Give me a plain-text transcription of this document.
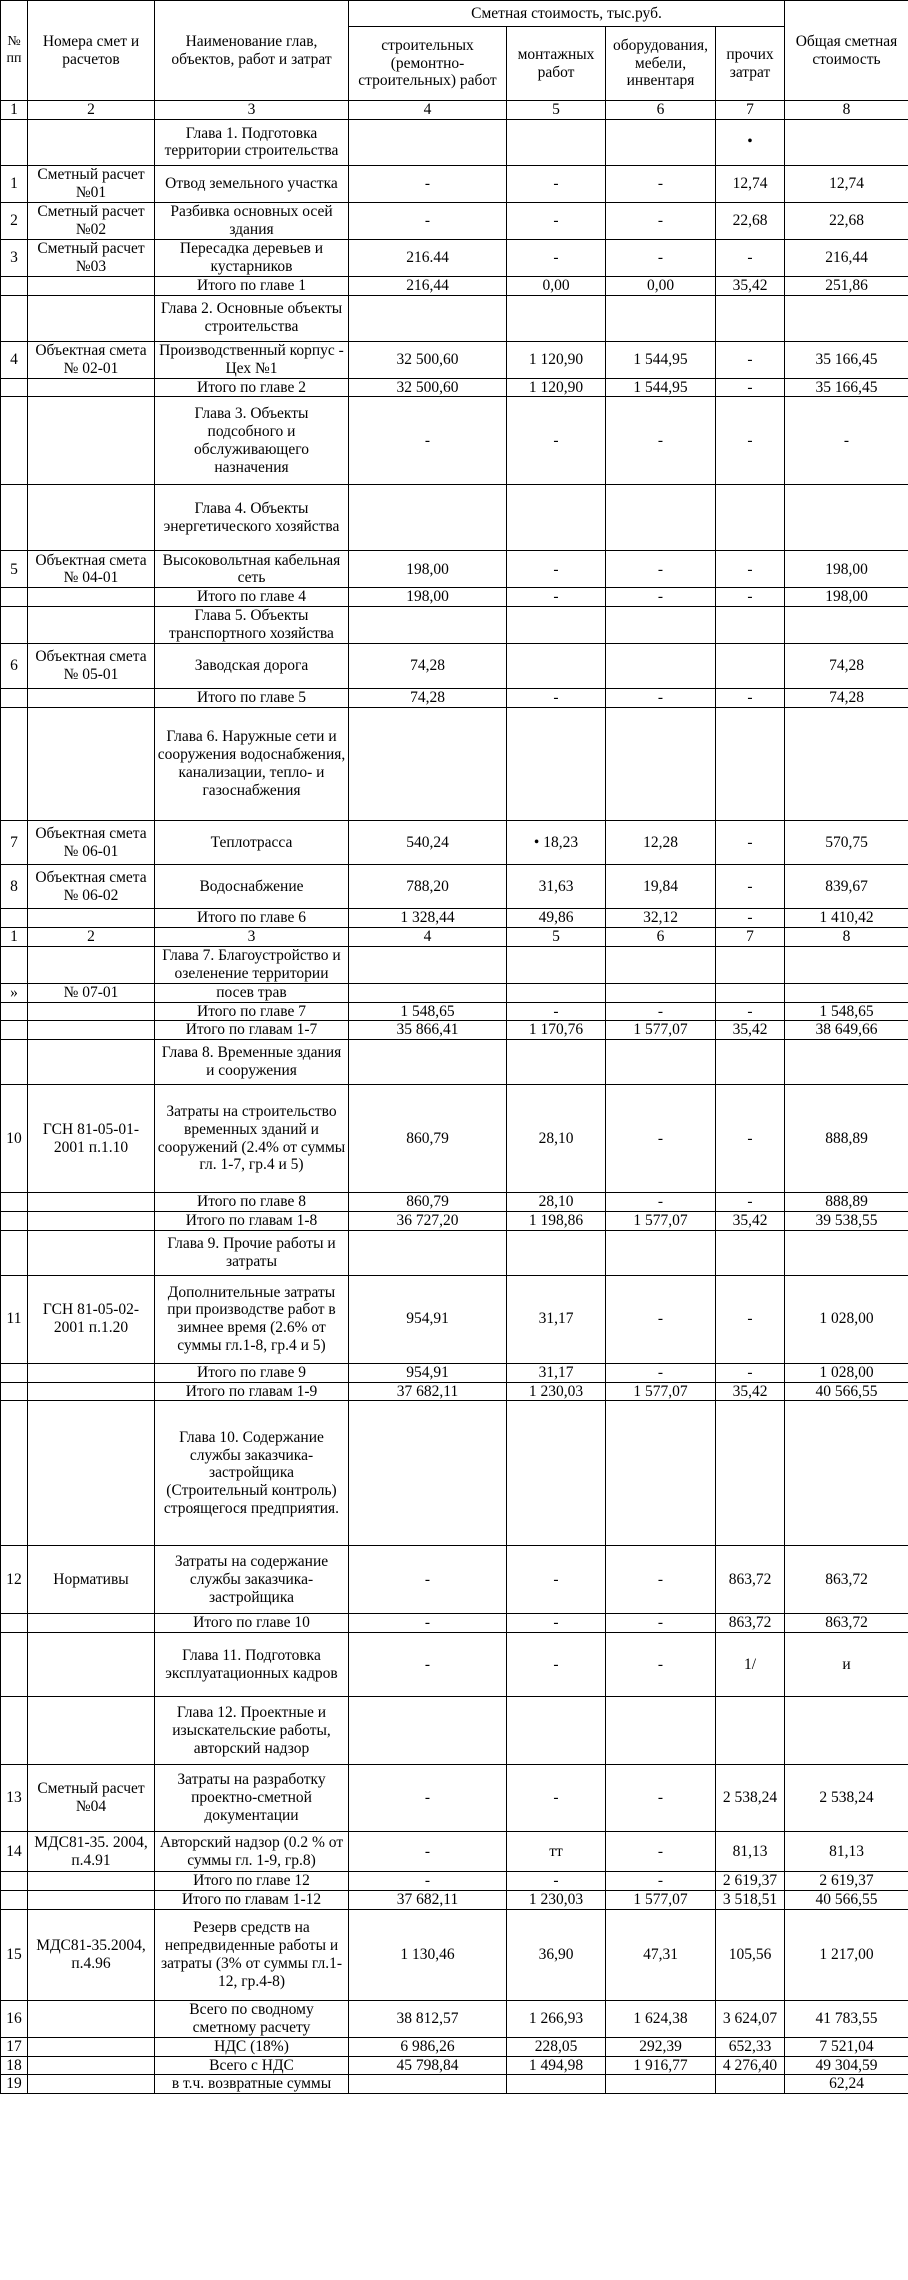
№ пп	Номера смет и расчетов	Наименование глав, объектов, работ и затрат	Сметная стоимость, тыс.руб.				Общая сметная стоимость
			строительных (ремонтно-строительных) работ	монтажных работ	оборудования, мебели, инвентаря	прочих затрат	
1	2	3	4	5	6	7	8
		Глава 1. Подготовка территории строительства				•	
1	Сметный расчет №01	Отвод земельного участка	-	-	-	12,74	12,74
2	Сметный расчет №02	Разбивка основных осей здания	-	-	-	22,68	22,68
3	Сметный расчет №03	Пересадка деревьев и кустарников	216.44	-	-	-	216,44
		Итого по главе 1	216,44	0,00	0,00	35,42	251,86
		Глава 2. Основные объекты строительства					
4	Объектная смета № 02-01	Производственный корпус - Цех №1	32 500,60	1 120,90	1 544,95	-	35 166,45
		Итого по главе 2	32 500,60	1 120,90	1 544,95	-	35 166,45
		Глава 3. Объекты подсобного и обслуживающего назначения	-	-	-	-	-
		Глава 4. Объекты энергетического хозяйства					
5	Объектная смета № 04-01	Высоковольтная кабельная сеть	198,00	-	-	-	198,00
		Итого по главе 4	198,00	-	-	-	198,00
		Глава 5. Объекты транспортного хозяйства					
6	Объектная смета № 05-01	Заводская дорога	74,28				74,28
		Итого по главе 5	74,28	-	-	-	74,28
		Глава 6. Наружные сети и сооружения водоснабжения, канализации, тепло- и газоснабжения					
7	Объектная смета № 06-01	Теплотрасса	540,24	• 18,23	12,28	-	570,75
8	Объектная смета № 06-02	Водоснабжение	788,20	31,63	19,84	-	839,67
		Итого по главе 6	1 328,44	49,86	32,12	-	1 410,42
1	2	3	4	5	6	7	8
		Глава 7. Благоустройство и озеленение территории					
»	№ 07-01	посев трав					
		Итого по главе 7	1 548,65	-	-	-	1 548,65
		Итого по главам 1-7	35 866,41	1 170,76	1 577,07	35,42	38 649,66
		Глава 8. Временные здания и сооружения					
10	ГСН 81-05-01-2001 п.1.10	Затраты на строительство временных зданий и сооружений (2.4% от суммы гл. 1-7, гр.4 и 5)	860,79	28,10	-	-	888,89
		Итого по главе 8	860,79	28,10	-	-	888,89
		Итого по главам 1-8	36 727,20	1 198,86	1 577,07	35,42	39 538,55
		Глава 9. Прочие работы и затраты					
11	ГСН 81-05-02-2001 п.1.20	Дополнительные затраты при производстве работ в зимнее время (2.6% от суммы гл.1-8, гр.4 и 5)	954,91	31,17	-	-	1 028,00
		Итого по главе 9	954,91	31,17	-	-	1 028,00
		Итого по главам 1-9	37 682,11	1 230,03	1 577,07	35,42	40 566,55
		Глава 10. Содержание службы заказчика-застройщика (Строительный контроль) строящегося предприятия.					
12	Нормативы	Затраты на содержание службы заказчика-застройщика	-	-	-	863,72	863,72
		Итого по главе 10	-	-	-	863,72	863,72
		Глава 11. Подготовка эксплуатационных кадров	-	-	-	1/	и
		Глава 12. Проектные и изыскательские работы, авторский надзор					
13	Сметный расчет №04	Затраты на разработку проектно-сметной документации	-	-	-	2 538,24	2 538,24
14	МДС81-35. 2004, п.4.91	Авторский надзор (0.2 % от суммы гл. 1-9, гр.8)	-	тт	-	81,13	81,13
		Итого по главе 12	-	-	-	2 619,37	2 619,37
		Итого по главам 1-12	37 682,11	1 230,03	1 577,07	3 518,51	40 566,55
15	МДС81-35.2004, п.4.96	Резерв средств на непредвиденные работы и затраты (3% от суммы гл.1-12, гр.4-8)	1 130,46	36,90	47,31	105,56	1 217,00
16		Всего по сводному сметному расчету	38 812,57	1 266,93	1 624,38	3 624,07	41 783,55
17		НДС (18%)	6 986,26	228,05	292,39	652,33	7 521,04
18		Всего с НДС	45 798,84	1 494,98	1 916,77	4 276,40	49 304,59
19		в т.ч. возвратные суммы					62,24
